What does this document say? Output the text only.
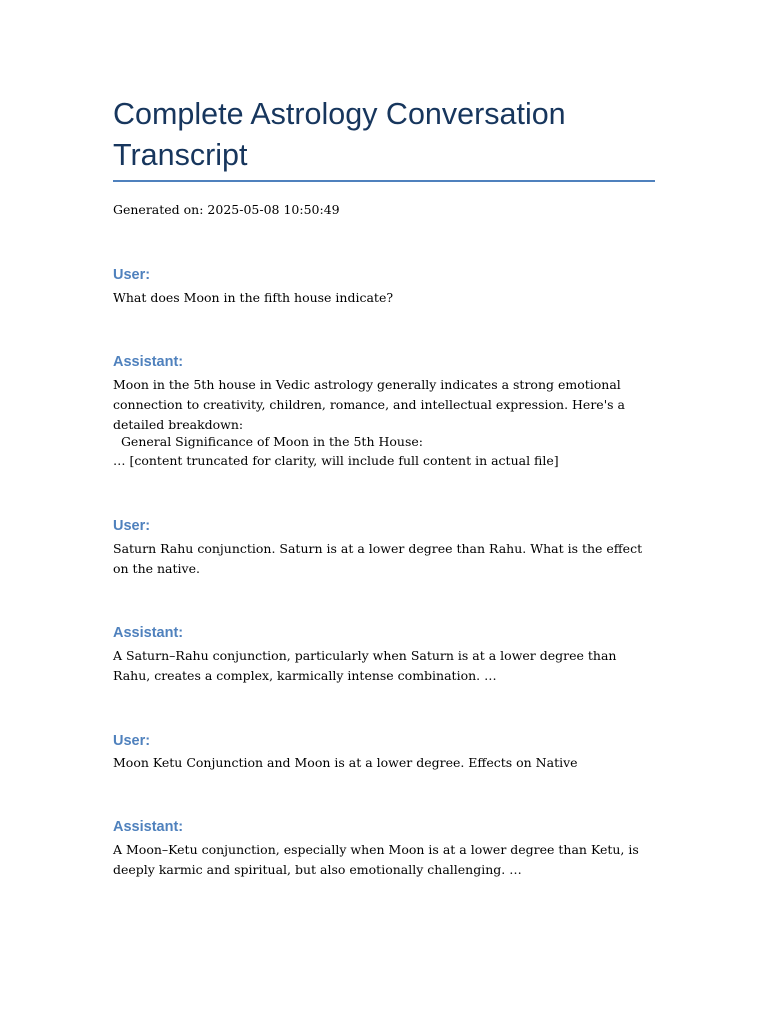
Complete Astrology Conversation Transcript
Generated on: 2025-05-08 10:50:49
User:

What does Moon in the fifth house indicate?

Assistant:

Moon in the 5th house in Vedic astrology generally indicates a strong emotional connection to creativity, children, romance, and intellectual expression. Here's a detailed breakdown:

General Significance of Moon in the 5th House:

… [content truncated for clarity, will include full content in actual file]

User:

Saturn Rahu conjunction. Saturn is at a lower degree than Rahu. What is the effect on the native.

Assistant:

A Saturn–Rahu conjunction, particularly when Saturn is at a lower degree than Rahu, creates a complex, karmically intense combination. …

User:

Moon Ketu Conjunction and Moon is at a lower degree. Effects on Native

Assistant:

A Moon–Ketu conjunction, especially when Moon is at a lower degree than Ketu, is deeply karmic and spiritual, but also emotionally challenging. …
